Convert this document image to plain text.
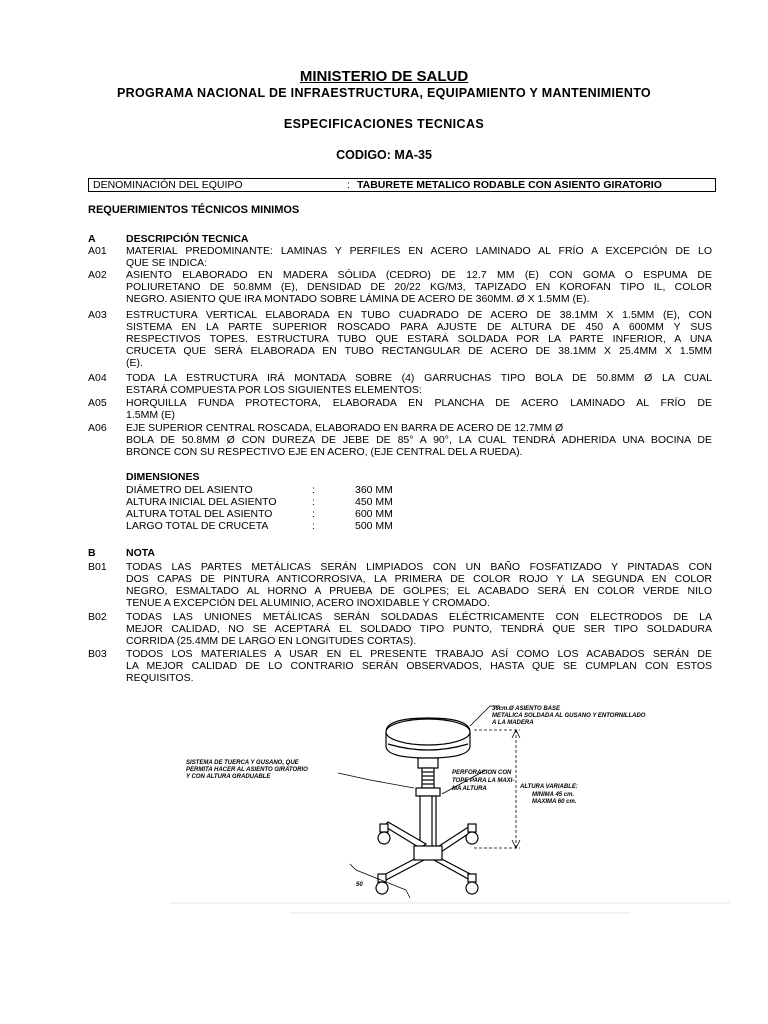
MINISTERIO DE SALUD
PROGRAMA NACIONAL DE INFRAESTRUCTURA, EQUIPAMIENTO Y MANTENIMIENTO
ESPECIFICACIONES TECNICAS
CODIGO: MA-35
DENOMINACIÓN DEL EQUIPO	: TABURETE METALICO RODABLE CON ASIENTO GIRATORIO
REQUERIMIENTOS TÉCNICOS MINIMOS
A	DESCRIPCIÓN TECNICA
A01	MATERIAL PREDOMINANTE: LAMINAS Y PERFILES EN ACERO LAMINADO AL FRÍO A EXCEPCIÓN DE LO
QUE SE INDICA:
A02	ASIENTO ELABORADO EN MADERA SÓLIDA (CEDRO) DE 12.7 MM (E) CON GOMA O ESPUMA DE
POLIURETANO DE 50.8MM (E), DENSIDAD DE 20/22 KG/M3, TAPIZADO EN KOROFAN TIPO IL, COLOR
NEGRO. ASIENTO QUE IRA MONTADO SOBRE LÁMINA DE ACERO DE 360MM. Ø X 1.5MM (E).
A03	ESTRUCTURA VERTICAL ELABORADA EN TUBO CUADRADO DE ACERO DE 38.1MM X 1.5MM (E), CON
SISTEMA EN LA PARTE SUPERIOR ROSCADO PARA AJUSTE DE ALTURA DE 450 A 600MM Y SUS
RESPECTIVOS TOPES. ESTRUCTURA TUBO QUE ESTARÁ SOLDADA POR LA PARTE INFERIOR, A UNA
CRUCETA QUE SERÁ ELABORADA EN TUBO RECTANGULAR DE ACERO DE 38.1MM X 25.4MM X 1.5MM
(E).
A04	TODA LA ESTRUCTURA IRÁ MONTADA SOBRE (4) GARRUCHAS TIPO BOLA DE 50.8MM Ø LA CUAL
ESTARÁ COMPUESTA POR LOS SIGUIENTES ELEMENTOS:
A05	HORQUILLA FUNDA PROTECTORA, ELABORADA EN PLANCHA DE ACERO LAMINADO AL FRÍO DE
1.5MM (E)
A06	EJE SUPERIOR CENTRAL ROSCADA, ELABORADO EN BARRA DE ACERO DE 12.7MM Ø
BOLA DE 50.8MM Ø CON DUREZA DE JEBE DE 85° A 90°, LA CUAL TENDRÁ ADHERIDA UNA BOCINA DE
BRONCE CON SU RESPECTIVO EJE EN ACERO, (EJE CENTRAL DEL A RUEDA).
DIMENSIONES
DIÁMETRO DEL ASIENTO	:	360 MM
ALTURA INICIAL DEL ASIENTO	:	450 MM
ALTURA TOTAL DEL ASIENTO	:	600 MM
LARGO TOTAL DE CRUCETA	:	500 MM
B	NOTA
B01	TODAS LAS PARTES METÁLICAS SERÁN LIMPIADOS CON UN BAÑO FOSFATIZADO Y PINTADAS CON
DOS CAPAS DE PINTURA ANTICORROSIVA, LA PRIMERA DE COLOR ROJO Y LA SEGUNDA EN COLOR
NEGRO, ESMALTADO AL HORNO A PRUEBA DE GOLPES; EL ACABADO SERÁ EN COLOR VERDE NILO
TENUE A EXCEPCIÓN DEL ALUMINIO, ACERO INOXIDABLE Y CROMADO.
B02	TODAS LAS UNIONES METÁLICAS SERÁN SOLDADAS ELÉCTRICAMENTE CON ELECTRODOS DE LA
MEJOR CALIDAD, NO SE ACEPTARÁ EL SOLDADO TIPO PUNTO, TENDRÁ QUE SER TIPO SOLDADURA
CORRIDA (25.4MM DE LARGO EN LONGITUDES CORTAS).
B03	TODOS LOS MATERIALES A USAR EN EL PRESENTE TRABAJO ASÍ COMO LOS ACABADOS SERÁN DE
LA MEJOR CALIDAD DE LO CONTRARIO SERÁN OBSERVADOS, HASTA QUE SE CUMPLAN CON ESTOS
REQUISITOS.
36cm.Ø ASIENTO BASE
METALICA SOLDADA AL GUSANO Y ENTORNILLADO
A LA MADERA
SISTEMA DE TUERCA Y GUSANO, QUE
PERMITA HACER AL ASIENTO GIRATORIO
Y CON ALTURA GRADUABLE
PERFORACION CON
TOPE PARA LA MAXI-
MA ALTURA	ALTURA VARIABLE:
MINIMA 45 cm.
MAXIMA 60 cm.
50
